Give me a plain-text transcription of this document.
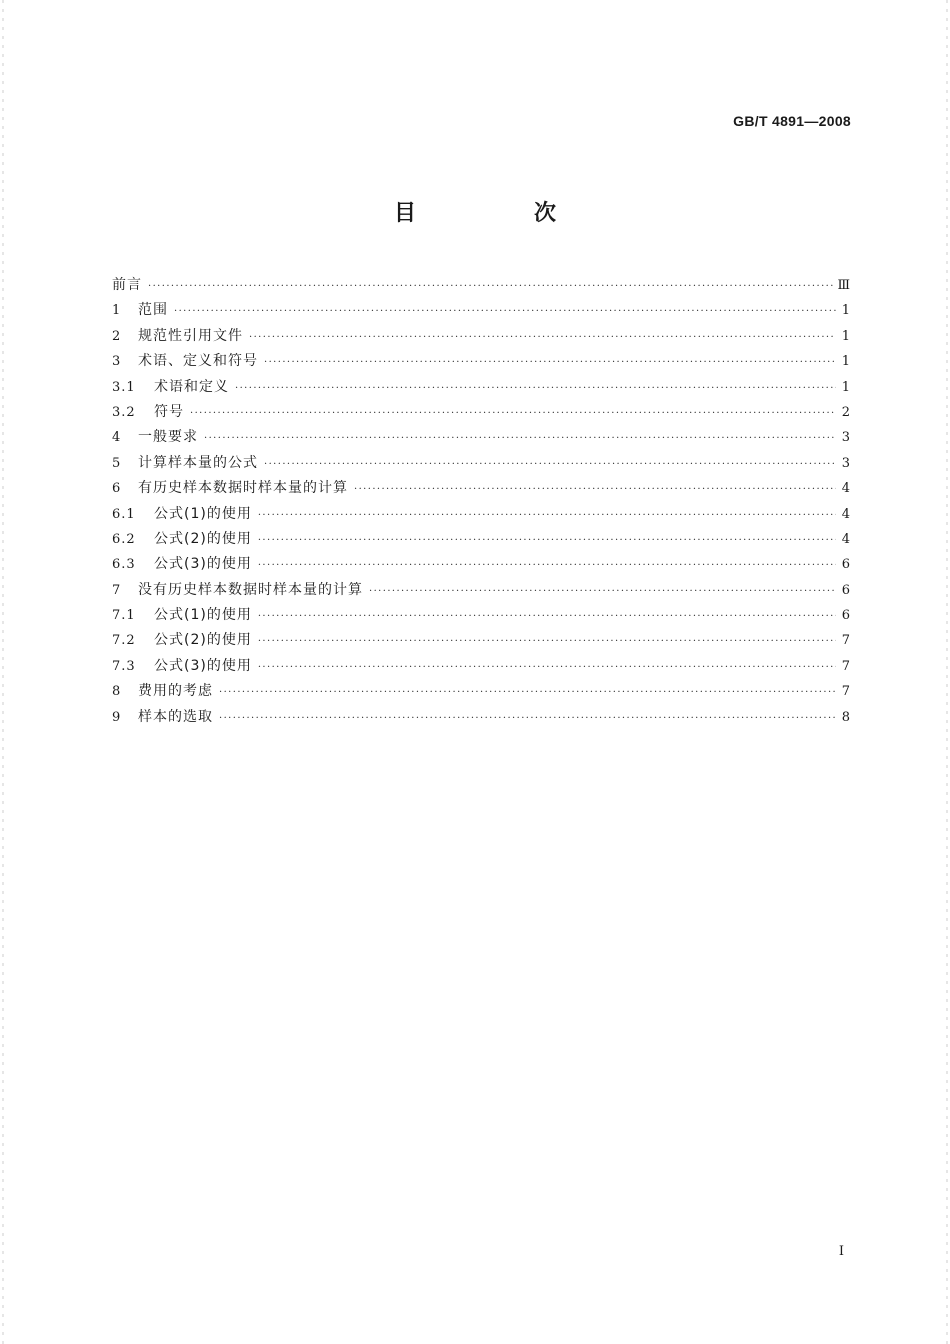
GB/T 4891—2008
目　次
前言 ·····	Ⅲ
1	范围 ·····	1
2	规范性引用文件 ·····	1
3	术语、定义和符号 ·····	1
3.1	术语和定义 ·····	1
3.2	符号 ·····	2
4	一般要求 ·····	3
5	计算样本量的公式 ·····	3
6	有历史样本数据时样本量的计算 ·····	4
6.1	公式(1)的使用 ·····	4
6.2	公式(2)的使用 ·····	4
6.3	公式(3)的使用 ·····	6
7	没有历史样本数据时样本量的计算 ·····	6
7.1	公式(1)的使用 ·····	6
7.2	公式(2)的使用 ·····	7
7.3	公式(3)的使用 ·····	7
8	费用的考虑 ·····	7
9	样本的选取 ·····	8
I
